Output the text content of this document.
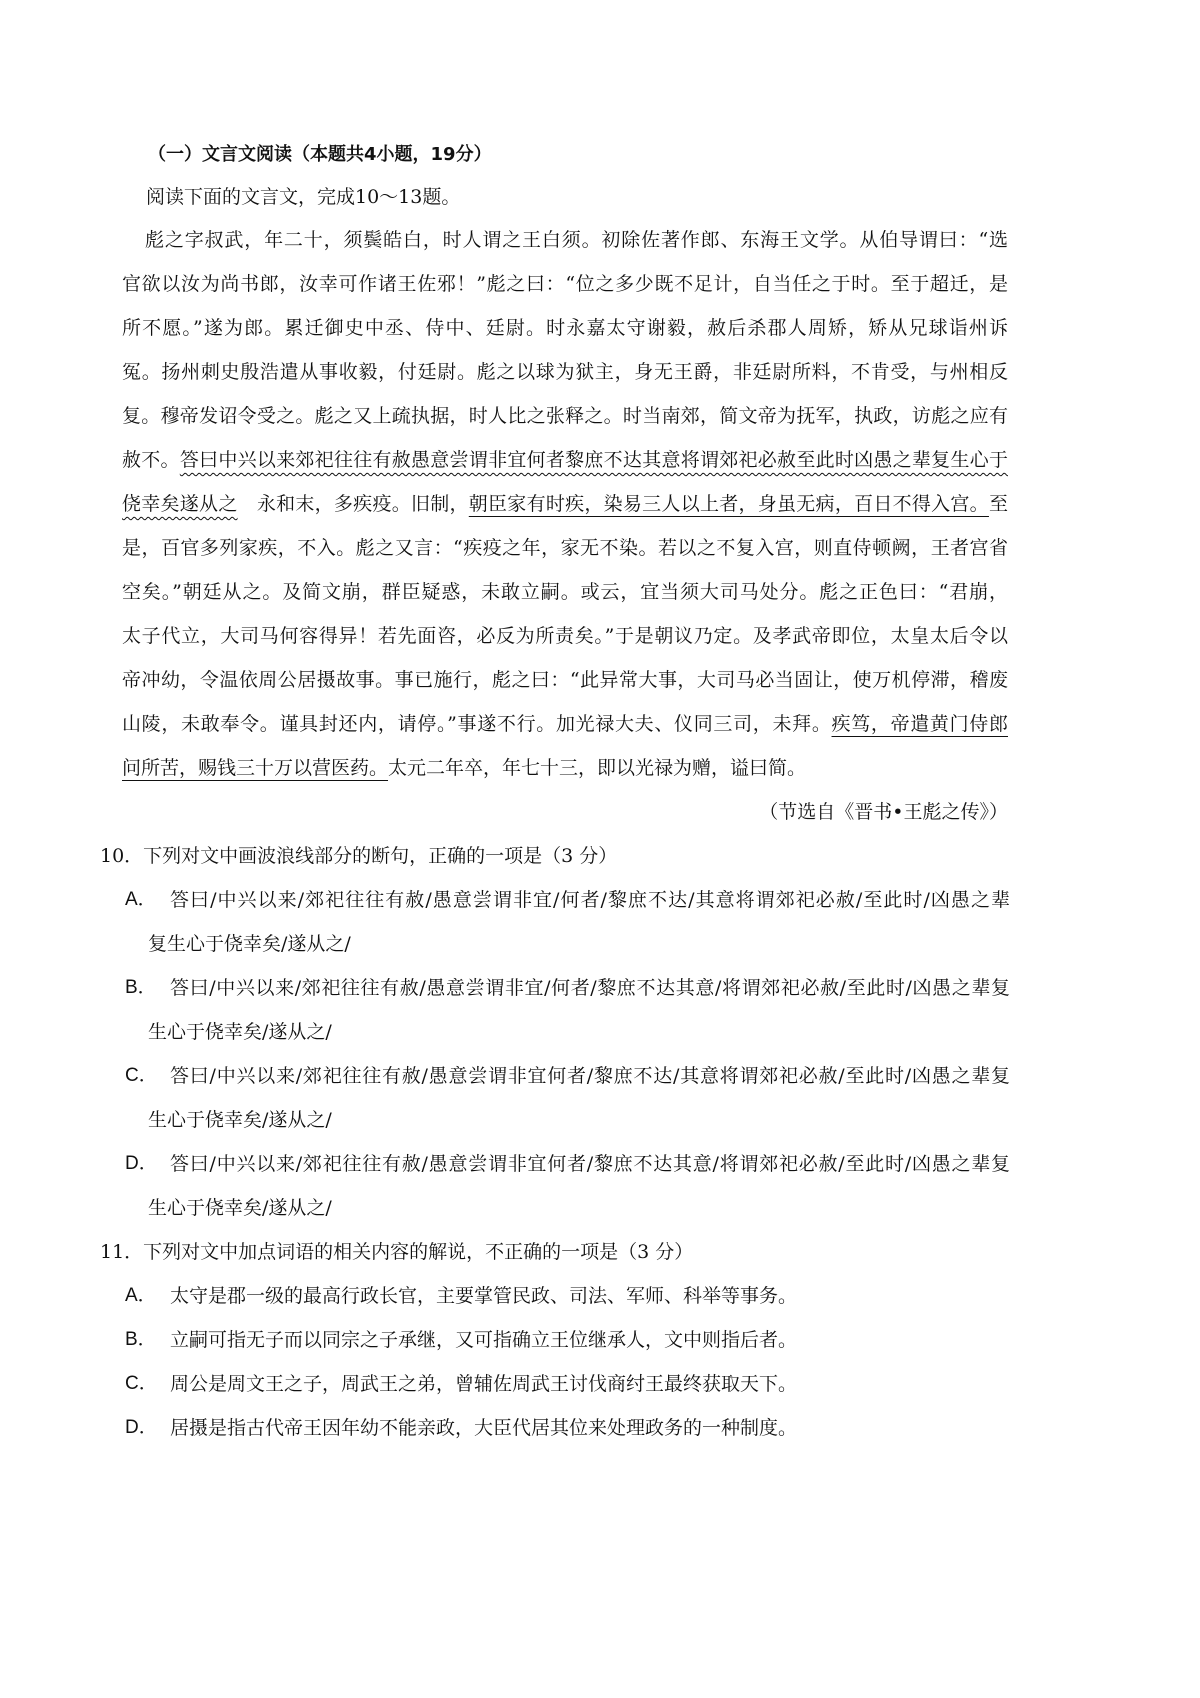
（一）文言文阅读（本题共4小题，19分）
阅读下面的文言文，完成10～13题。
彪之字叔武，年二十，须鬓皓白，时人谓之王白须。初除佐著作郎、东海王文学。从伯导谓曰：“选
官欲以汝为尚书郎，汝幸可作诸王佐邪！”彪之曰：“位之多少既不足计，自当任之于时。至于超迁，是
所不愿。”遂为郎。累迁御史中丞、侍中、廷尉。时永嘉太守谢毅，赦后杀郡人周矫，矫从兄球诣州诉
冤。扬州刺史殷浩遣从事收毅，付廷尉。彪之以球为狱主，身无王爵，非廷尉所料，不肯受，与州相反
复。穆帝发诏令受之。彪之又上疏执据，时人比之张释之。时当南郊，简文帝为抚军，执政，访彪之应有
赦不。答曰中兴以来郊祀往往有赦愚意尝谓非宜何者黎庶不达其意将谓郊祀必赦至此时凶愚之辈复生心于
侥幸矣遂从之　永和末，多疾疫。旧制，朝臣家有时疾，染易三人以上者，身虽无病，百日不得入宫。至
是，百官多列家疾，不入。彪之又言：“疾疫之年，家无不染。若以之不复入宫，则直侍顿阙，王者宫省
空矣。”朝廷从之。及简文崩，群臣疑惑，未敢立嗣。或云，宜当须大司马处分。彪之正色曰：“君崩，
太子代立，大司马何容得异！若先面咨，必反为所责矣。”于是朝议乃定。及孝武帝即位，太皇太后令以
帝冲幼，令温依周公居摄故事。事已施行，彪之曰：“此异常大事，大司马必当固让，使万机停滞，稽废
山陵，未敢奉令。谨具封还内，请停。”事遂不行。加光禄大夫、仪同三司，未拜。疾笃，帝遣黄门侍郎
问所苦，赐钱三十万以营医药。太元二年卒，年七十三，即以光禄为赠，谥曰简。
（节选自《晋书•王彪之传》）
10．下列对文中画波浪线部分的断句，正确的一项是（3 分）
A． 答曰/中兴以来/郊祀往往有赦/愚意尝谓非宜/何者/黎庶不达/其意将谓郊祀必赦/至此时/凶愚之辈
复生心于侥幸矣/遂从之/
B． 答曰/中兴以来/郊祀往往有赦/愚意尝谓非宜/何者/黎庶不达其意/将谓郊祀必赦/至此时/凶愚之辈复
生心于侥幸矣/遂从之/
C． 答曰/中兴以来/郊祀往往有赦/愚意尝谓非宜何者/黎庶不达/其意将谓郊祀必赦/至此时/凶愚之辈复
生心于侥幸矣/遂从之/
D． 答曰/中兴以来/郊祀往往有赦/愚意尝谓非宜何者/黎庶不达其意/将谓郊祀必赦/至此时/凶愚之辈复
生心于侥幸矣/遂从之/
11．下列对文中加点词语的相关内容的解说，不正确的一项是（3 分）
A． 太守是郡一级的最高行政长官，主要掌管民政、司法、军师、科举等事务。
B． 立嗣可指无子而以同宗之子承继，又可指确立王位继承人，文中则指后者。
C． 周公是周文王之子，周武王之弟，曾辅佐周武王讨伐商纣王最终获取天下。
D． 居摄是指古代帝王因年幼不能亲政，大臣代居其位来处理政务的一种制度。
